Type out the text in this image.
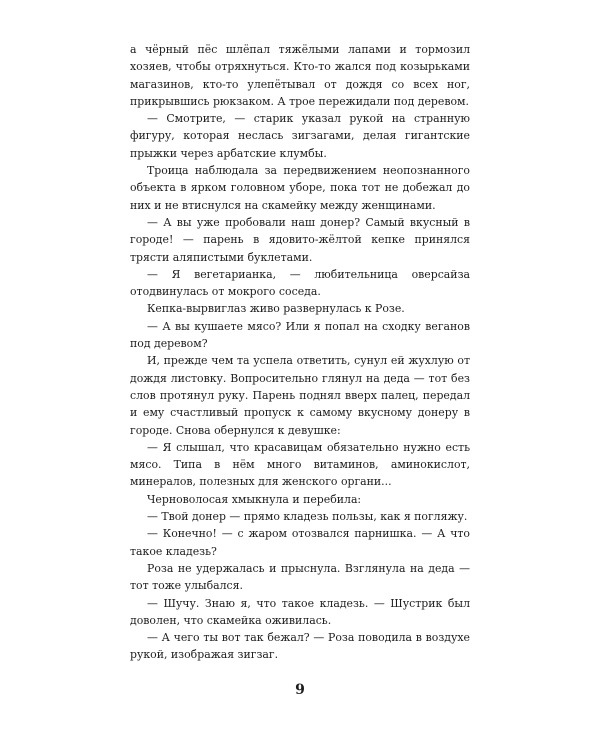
а чёрный пёс шлёпал тяжёлыми лапами и тормозил хозяев, чтобы отряхнуться. Кто-то жался под козырьками магазинов, кто-то улепётывал от дождя со всех ног, прикрывшись рюкзаком. А трое пережидали под деревом.

— Смотрите, — старик указал рукой на странную фигуру, которая неслась зигзагами, делая гигантские прыжки через арбатские клумбы.

Троица наблюдала за передвижением неопознанного объекта в ярком головном уборе, пока тот не добежал до них и не втиснулся на скамейку между женщинами.

— А вы уже пробовали наш донер? Самый вкусный в городе! — парень в ядовито-жёлтой кепке принялся трясти аляпистыми буклетами.

— Я вегетарианка, — любительница оверсайза отодвинулась от мокрого соседа.

Кепка-вырвиглаз живо развернулась к Розе.

— А вы кушаете мясо? Или я попал на сходку веганов под деревом?

И, прежде чем та успела ответить, сунул ей жухлую от дождя листовку. Вопросительно глянул на деда — тот без слов протянул руку. Парень поднял вверх палец, передал и ему счастливый пропуск к самому вкусному донеру в городе. Снова обернулся к девушке:

— Я слышал, что красавицам обязательно нужно есть мясо. Типа в нём много витаминов, аминокислот, минералов, полезных для женского органи...

Черноволосая хмыкнула и перебила:

— Твой донер — прямо кладезь пользы, как я погляжу.

— Конечно! — с жаром отозвался парнишка. — А что такое кладезь?

Роза не удержалась и прыснула. Взглянула на деда — тот тоже улыбался.

— Шучу. Знаю я, что такое кладезь. — Шустрик был доволен, что скамейка оживилась.

— А чего ты вот так бежал? — Роза поводила в воздухе рукой, изображая зигзаг.

9
